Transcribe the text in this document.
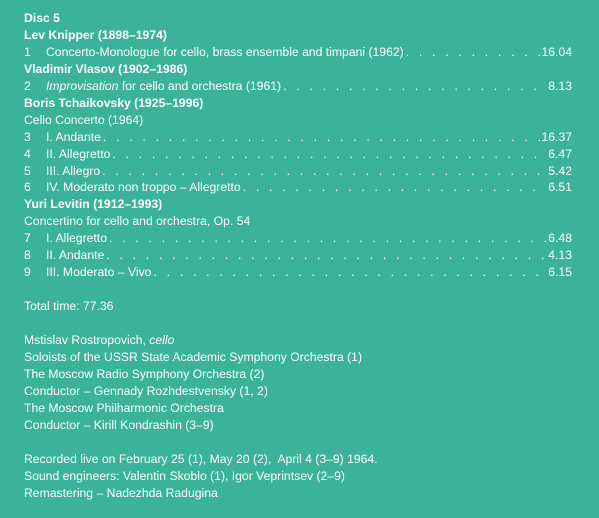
Disc 5
Lev Knipper (1898–1974)
1	Concerto-Monologue for cello, brass ensemble and timpani (1962) . . .	16.04
Vladimir Vlasov (1902–1986)
2	Improvisation for cello and orchestra (1961) . . .	8.13
Boris Tchaikovsky (1925–1996)
Cello Concerto (1964)
3	I. Andante . . .	16.37
4	II. Allegretto . . .	6.47
5	III. Allegro . . .	5.42
6	IV. Moderato non troppo – Allegretto . . .	6.51
Yuri Levitin (1912–1993)
Concertino for cello and orchestra, Op. 54
7	I. Allegretto . . .	6.48
8	II. Andante . . .	4.13
9	III. Moderato – Vivo . . .	6.15
Total time: 77.36
Mstislav Rostropovich, cello
Soloists of the USSR State Academic Symphony Orchestra (1)
The Moscow Radio Symphony Orchestra (2)
Conductor – Gennady Rozhdestvensky (1, 2)
The Moscow Philharmonic Orchestra
Conductor – Kirill Kondrashin (3–9)
Recorded live on February 25 (1), May 20 (2),  April 4 (3–9) 1964.
Sound engineers: Valentin Skoblo (1), Igor Veprintsev (2–9)
Remastering – Nadezhda Radugina
